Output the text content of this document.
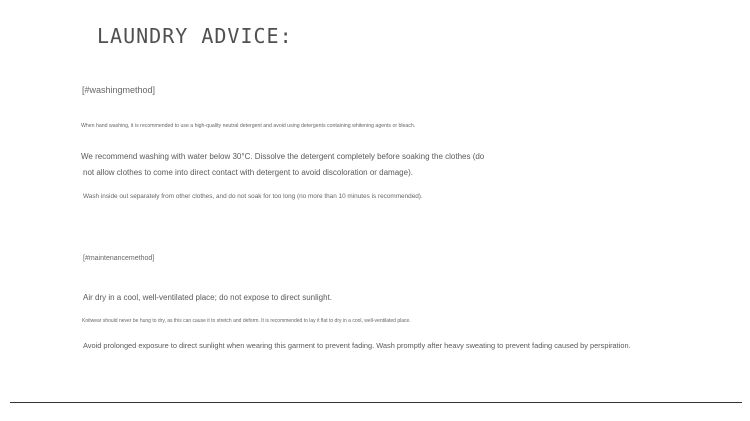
LAUNDRY ADVICE:
[#washingmethod]
When hand washing, it is recommended to use a high-quality neutral detergent and avoid using detergents containing whitening agents or bleach.
We recommend washing with water below 30°C. Dissolve the detergent completely before soaking the clothes (do
not allow clothes to come into direct contact with detergent to avoid discoloration or damage).
Wash inside out separately from other clothes, and do not soak for too long (no more than 10 minutes is recommended).
[#maintenancemethod]
Air dry in a cool, well-ventilated place; do not expose to direct sunlight.
Knitwear should never be hung to dry, as this can cause it to stretch and deform. It is recommended to lay it flat to dry in a cool, well-ventilated place.
Avoid prolonged exposure to direct sunlight when wearing this garment to prevent fading. Wash promptly after heavy sweating to prevent fading caused by perspiration.
